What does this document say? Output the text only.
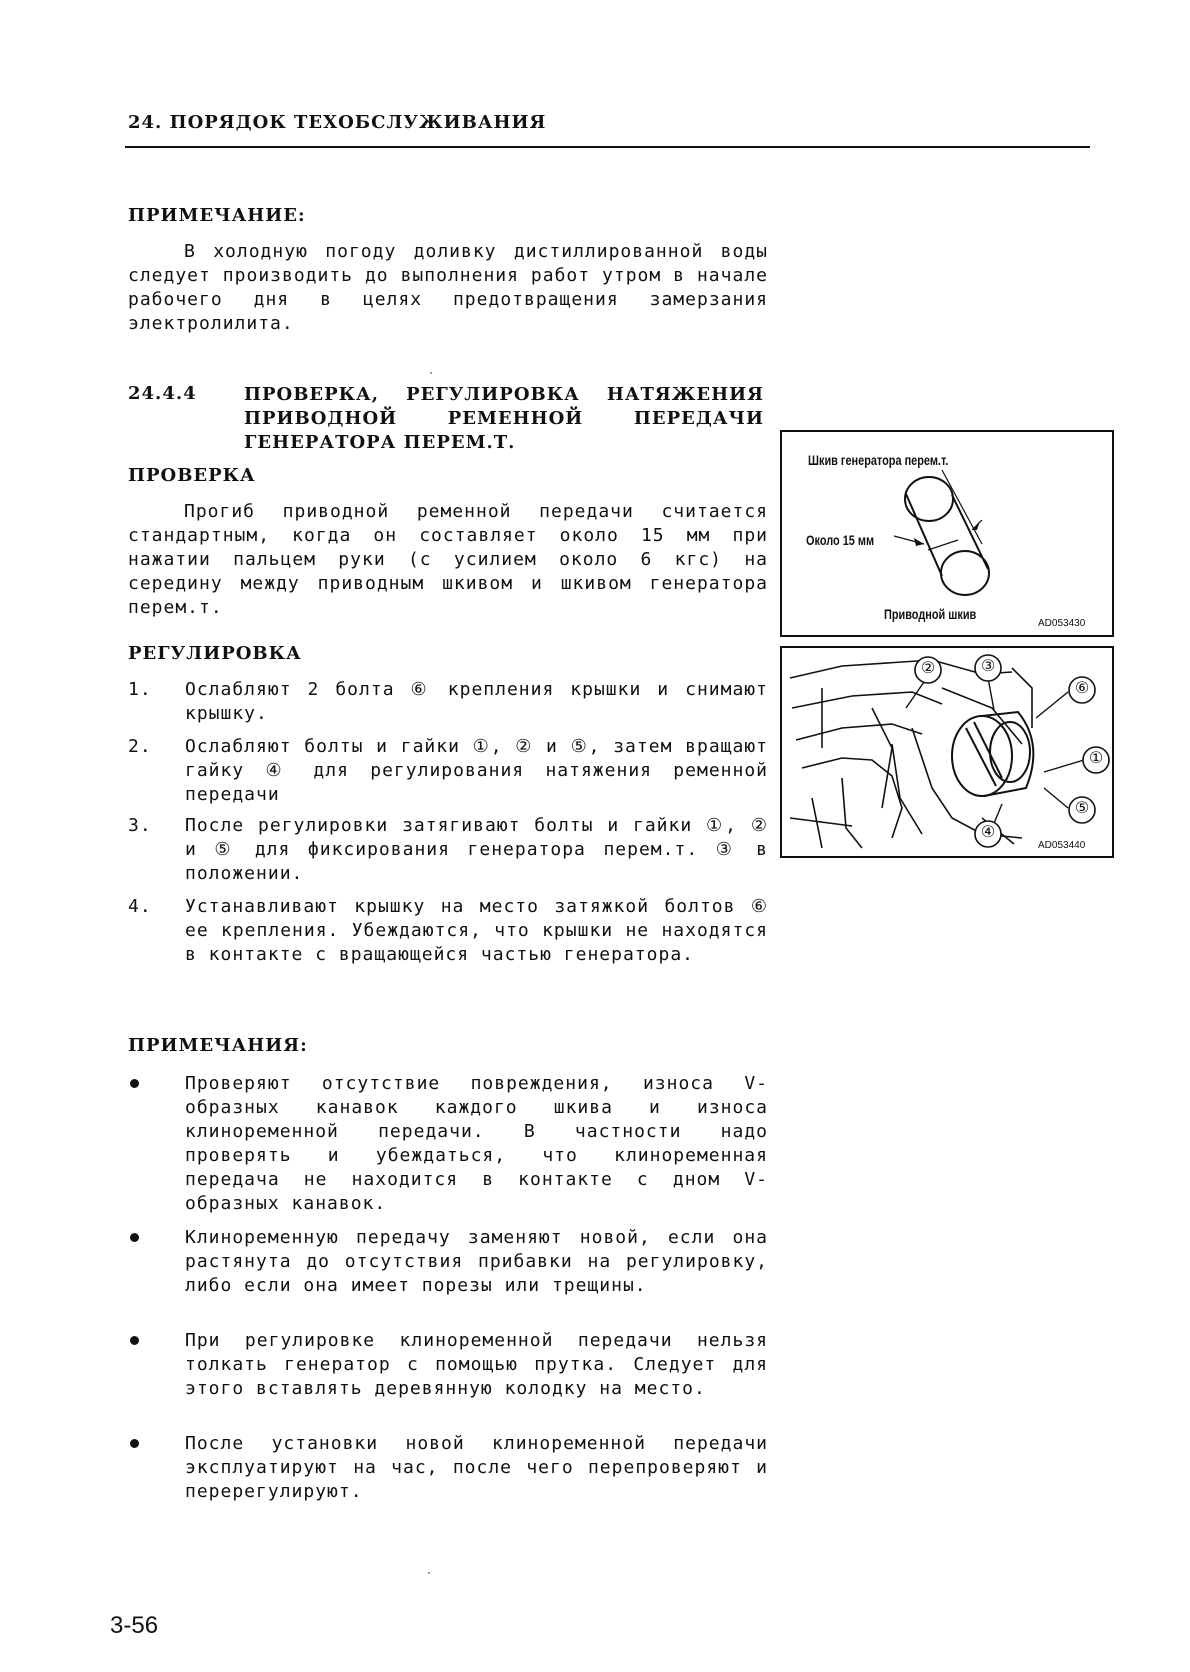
24. ПОРЯДОК ТЕХОБСЛУЖИВАНИЯ
ПРИМЕЧАНИЕ:

В холодную погоду доливку дистиллированной воды следует производить до выполнения работ утром в начале рабочего дня в целях предотвращения замерзания электролилита.

24.4.4	ПРОВЕРКА, РЕГУЛИРОВКА НАТЯЖЕНИЯ ПРИВОДНОЙ РЕМЕННОЙ ПЕРЕДАЧИ ГЕНЕРАТОРА ПЕРЕМ.Т.
ПРОВЕРКА

Прогиб приводной ременной передачи считается стандартным, когда он составляет около 15 мм при нажатии пальцем руки (с усилием около 6 кгс) на середину между приводным шкивом и шкивом генератора перем.т.

РЕГУЛИРОВКА
1. Ослабляют 2 болта ⑥ крепления крышки и снимают крышку.
2. Ослабляют болты и гайки ①, ② и ⑤, затем вращают гайку ④ для регулирования натяжения ременной передачи
3. После регулировки затягивают болты и гайки ①, ② и ⑤ для фиксирования генератора перем.т. ③ в положении.
4. Устанавливают крышку на место затяжкой болтов ⑥ ее крепления. Убеждаются, что крышки не находятся в контакте с вращающейся частью генератора.
ПРИМЕЧАНИЯ:
Проверяют отсутствие повреждения, износа V-образных канавок каждого шкива и износа клиноременной передачи. В частности надо проверять и убеждаться, что клиноременная передача не находится в контакте с дном V-образных канавок.
Клиноременную передачу заменяют новой, если она растянута до отсутствия прибавки на регулировку, либо если она имеет порезы или трещины.
При регулировке клиноременной передачи нельзя толкать генератор с помощью прутка. Следует для этого вставлять деревянную колодку на место.
После установки новой клиноременной передачи эксплуатируют на час, после чего перепроверяют и перерегулируют.
Шкив генератора перем.т.
Около 15 мм
Приводной шкив
AD053430
②	③
⑥
①
⑤
④
AD053440
3-56
